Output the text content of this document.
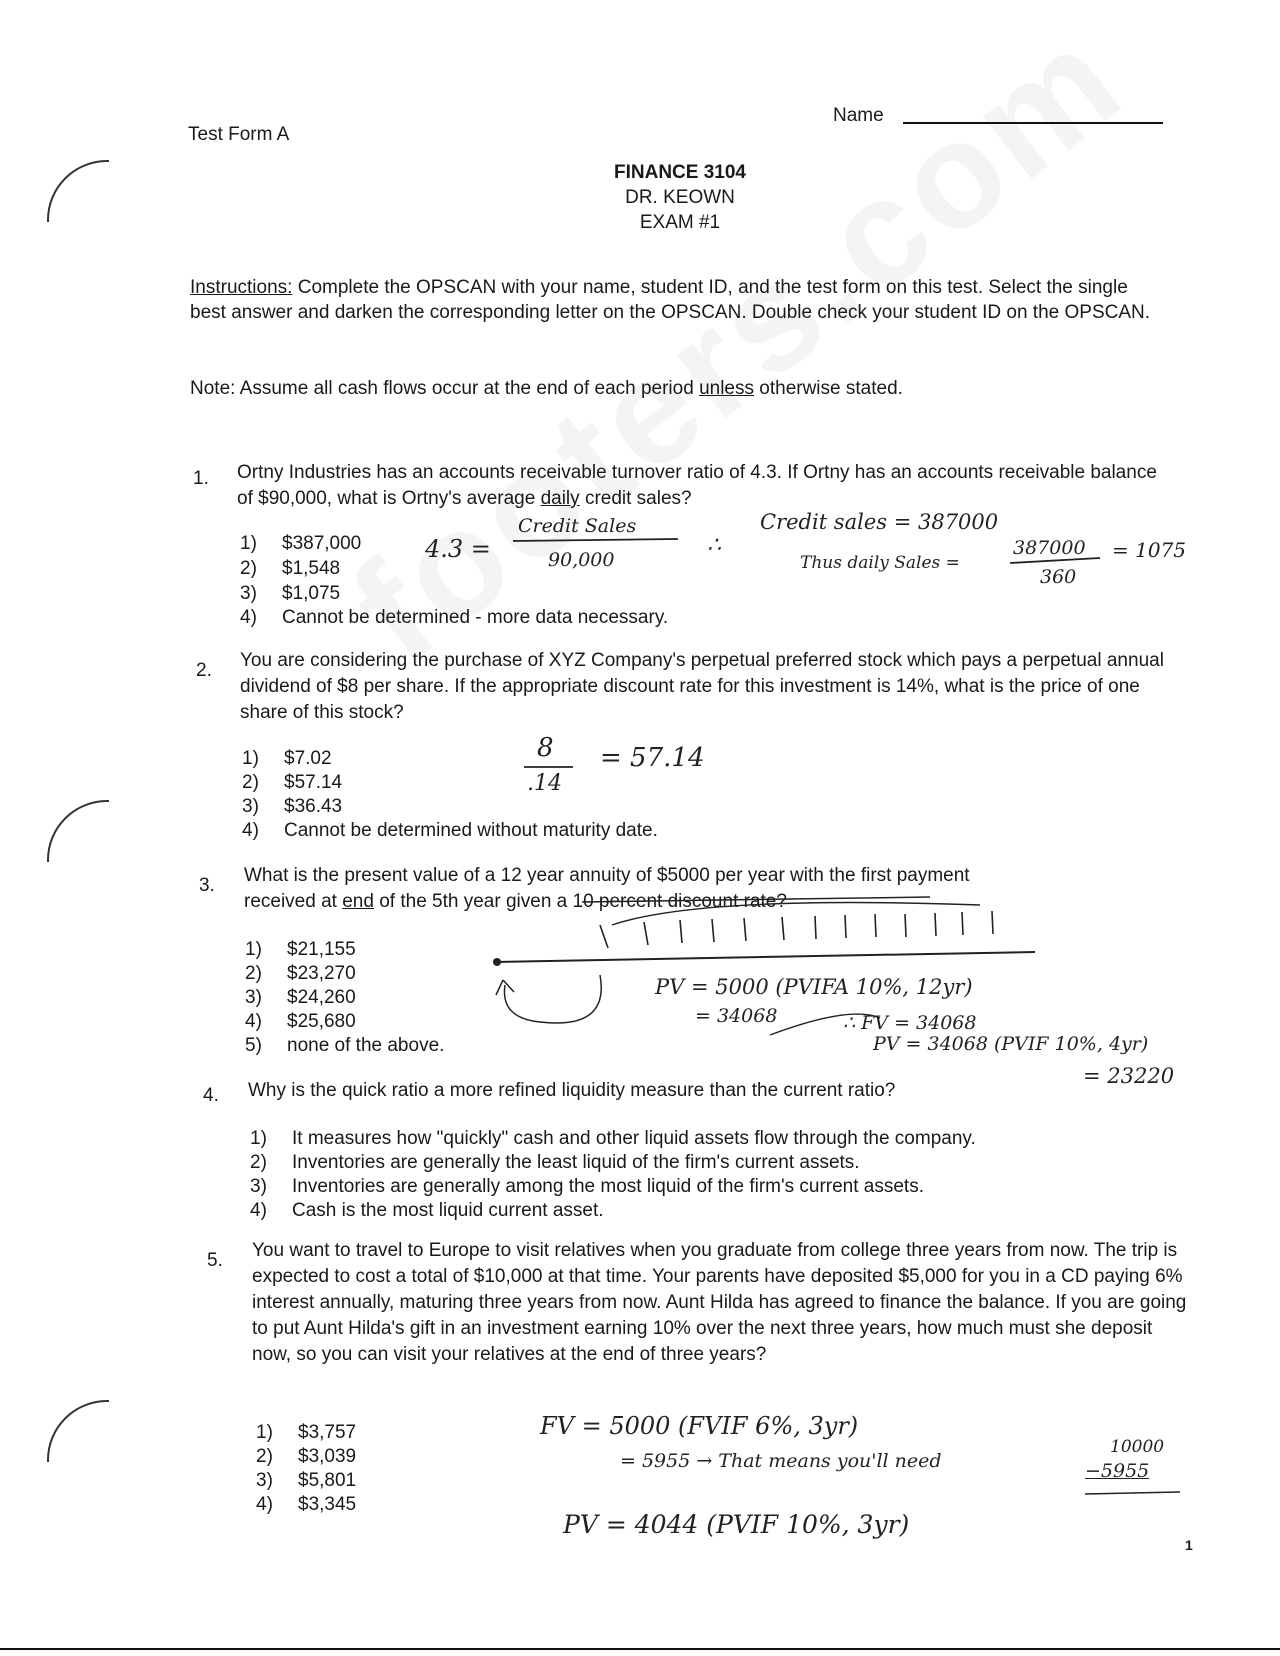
Test Form A
Name
FINANCE 3104
DR. KEOWN
EXAM #1
Instructions: Complete the OPSCAN with your name, student ID, and the test form on this test. Select the single best answer and darken the corresponding letter on the OPSCAN. Double check your student ID on the OPSCAN.
Note: Assume all cash flows occur at the end of each period unless otherwise stated.
1. Ortny Industries has an accounts receivable turnover ratio of 4.3. If Ortny has an accounts receivable balance of $90,000, what is Ortny's average daily credit sales?
1) $387,000
2) $1,548
3) $1,075
4) Cannot be determined - more data necessary.
4.3 =
Credit Sales
90,000
∴
Credit sales = 387000
Thus daily Sales =
387000
360
= 1075
2. You are considering the purchase of XYZ Company's perpetual preferred stock which pays a perpetual annual dividend of $8 per share. If the appropriate discount rate for this investment is 14%, what is the price of one share of this stock?
1) $7.02
2) $57.14
3) $36.43
4) Cannot be determined without maturity date.
8
.14
= 57.14
3. What is the present value of a 12 year annuity of $5000 per year with the first payment
received at end of the 5th year given a 10 percent discount rate?
1) $21,155
2) $23,270
3) $24,260
4) $25,680
5) none of the above.
PV = 5000 (PVIFA 10%, 12yr)
= 34068	∴ FV = 34068
PV = 34068 (PVIF 10%, 4yr)
= 23220
4. Why is the quick ratio a more refined liquidity measure than the current ratio?
1) It measures how "quickly" cash and other liquid assets flow through the company.
2) Inventories are generally the least liquid of the firm's current assets.
3) Inventories are generally among the most liquid of the firm's current assets.
4) Cash is the most liquid current asset.
5. You want to travel to Europe to visit relatives when you graduate from college three years from now. The trip is expected to cost a total of $10,000 at that time. Your parents have deposited $5,000 for you in a CD paying 6% interest annually, maturing three years from now. Aunt Hilda has agreed to finance the balance. If you are going to put Aunt Hilda's gift in an investment earning 10% over the next three years, how much must she deposit now, so you can visit your relatives at the end of three years?
1) $3,757
2) $3,039
3) $5,801
4) $3,345
FV = 5000 (FVIF 6%, 3yr)
= 5955 → That means you'll need
10000
−5955
PV = 4044 (PVIF 10%, 3yr)
1
